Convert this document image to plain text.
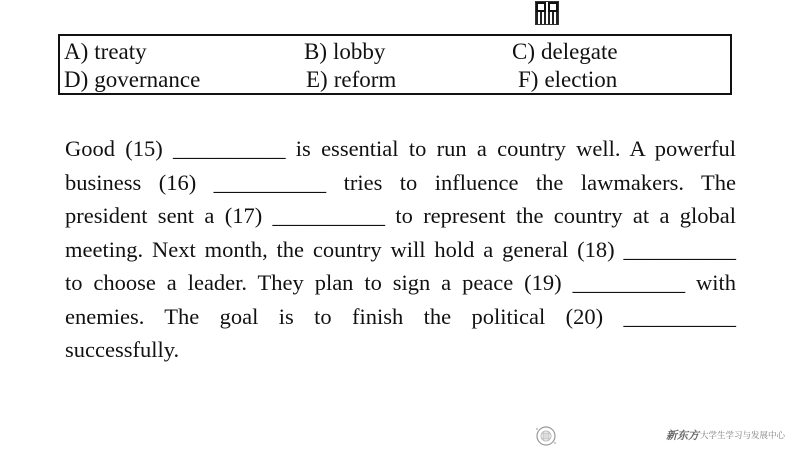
A) treaty	B) lobby	C) delegate
D) governance	E) reform	F) election
Good (15) __________ is essential to run a country well. A powerful
business (16) __________ tries to influence the lawmakers. The
president sent a (17) __________ to represent the country at a global
meeting. Next month, the country will hold a general (18) __________
to choose a leader. They plan to sign a peace (19) __________ with
enemies. The goal is to finish the political (20) __________
successfully.
新东方 大学生学习与发展中心
